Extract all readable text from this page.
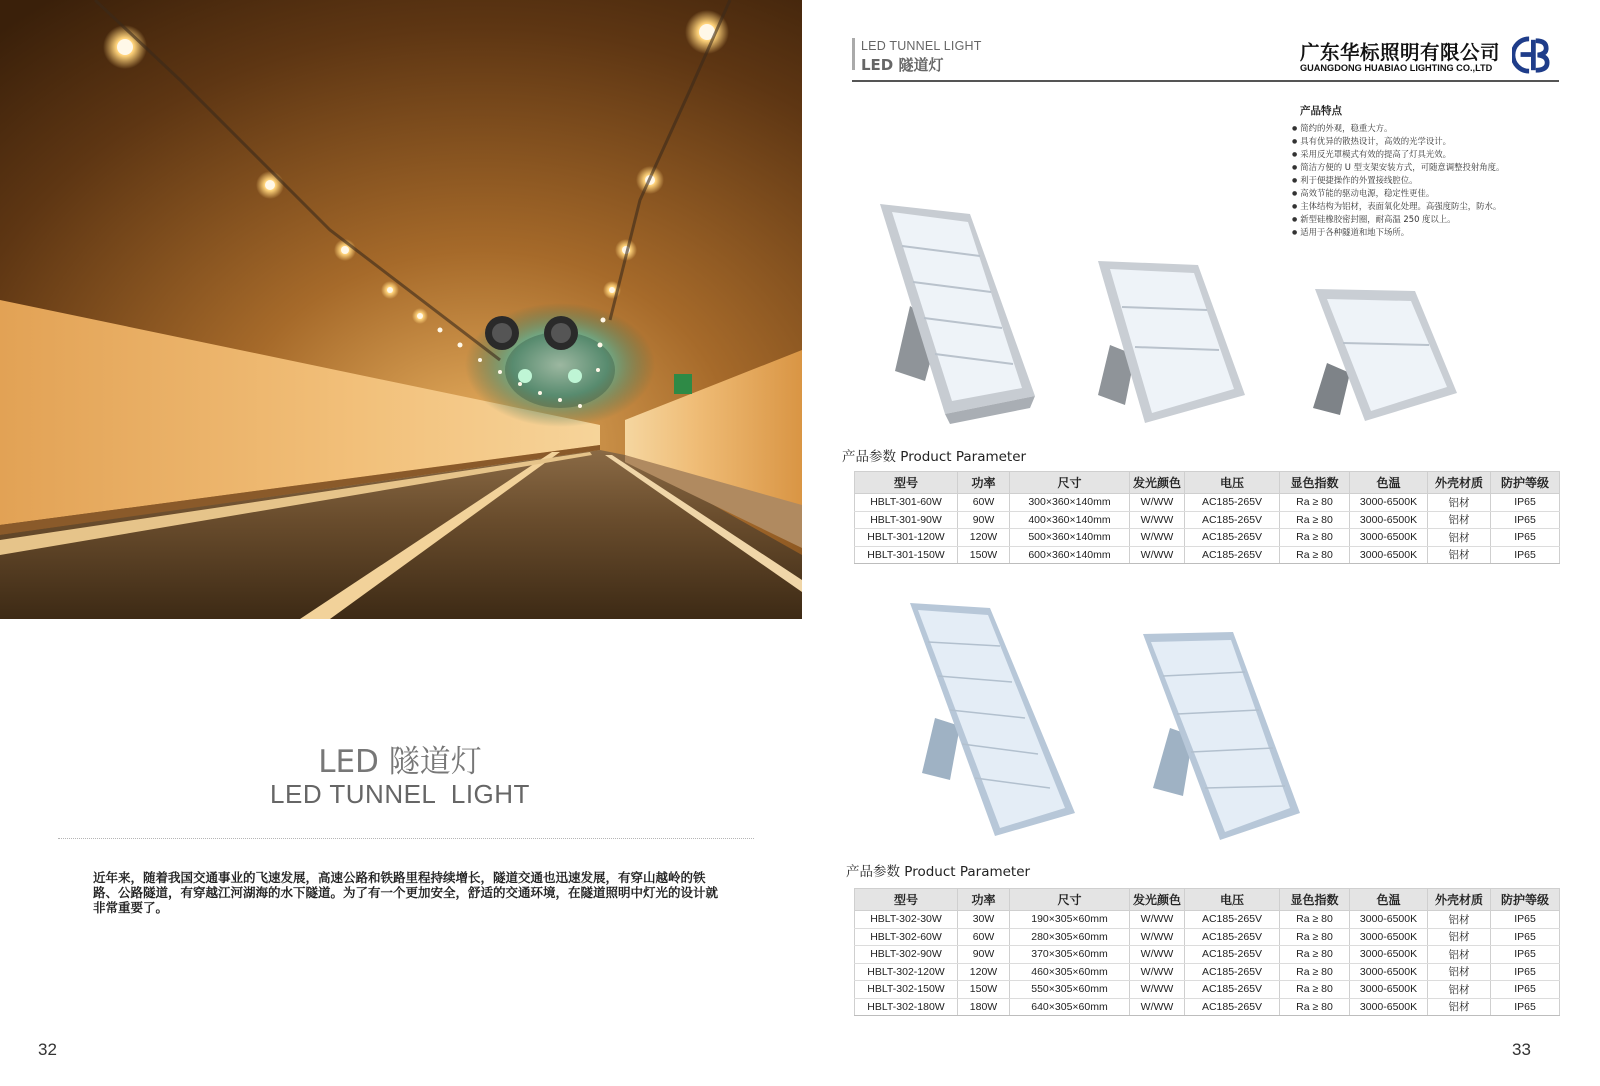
LED 隧道灯
LED TUNNEL  LIGHT

近年来，随着我国交通事业的飞速发展，高速公路和铁路里程持续增长，隧道交通也迅速发展，有穿山越岭的铁路、公路隧道，有穿越江河湖海的水下隧道。为了有一个更加安全，舒适的交通环境，在隧道照明中灯光的设计就非常重要了。

32
LED TUNNEL LIGHT
LED 隧道灯
广东华标照明有限公司
GUANGDONG HUABIAO LIGHTING CO.,LTD
产品特点
● 简约的外观，稳重大方。
● 具有优异的散热设计，高效的光学设计。
● 采用反光罩模式有效的提高了灯具光效。
● 简洁方便的 U 型支架安装方式，可随意调整投射角度。
● 利于便捷操作的外置接线腔位。
● 高效节能的驱动电源，稳定性更佳。
● 主体结构为铝材，表面氧化处理。高强度防尘，防水。
● 新型硅橡胶密封圈，耐高温 250 度以上。
● 适用于各种隧道和地下场所。
产品参数 Product Parameter
型号	功率	尺寸	发光颜色	电压	显色指数	色温	外壳材质	防护等级
HBLT-301-60W	60W	300×360×140mm	W/WW	AC185-265V	Ra ≥ 80	3000-6500K	铝材	IP65
HBLT-301-90W	90W	400×360×140mm	W/WW	AC185-265V	Ra ≥ 80	3000-6500K	铝材	IP65
HBLT-301-120W	120W	500×360×140mm	W/WW	AC185-265V	Ra ≥ 80	3000-6500K	铝材	IP65
HBLT-301-150W	150W	600×360×140mm	W/WW	AC185-265V	Ra ≥ 80	3000-6500K	铝材	IP65
产品参数 Product Parameter
型号	功率	尺寸	发光颜色	电压	显色指数	色温	外壳材质	防护等级
HBLT-302-30W	30W	190×305×60mm	W/WW	AC185-265V	Ra ≥ 80	3000-6500K	铝材	IP65
HBLT-302-60W	60W	280×305×60mm	W/WW	AC185-265V	Ra ≥ 80	3000-6500K	铝材	IP65
HBLT-302-90W	90W	370×305×60mm	W/WW	AC185-265V	Ra ≥ 80	3000-6500K	铝材	IP65
HBLT-302-120W	120W	460×305×60mm	W/WW	AC185-265V	Ra ≥ 80	3000-6500K	铝材	IP65
HBLT-302-150W	150W	550×305×60mm	W/WW	AC185-265V	Ra ≥ 80	3000-6500K	铝材	IP65
HBLT-302-180W	180W	640×305×60mm	W/WW	AC185-265V	Ra ≥ 80	3000-6500K	铝材	IP65
33
